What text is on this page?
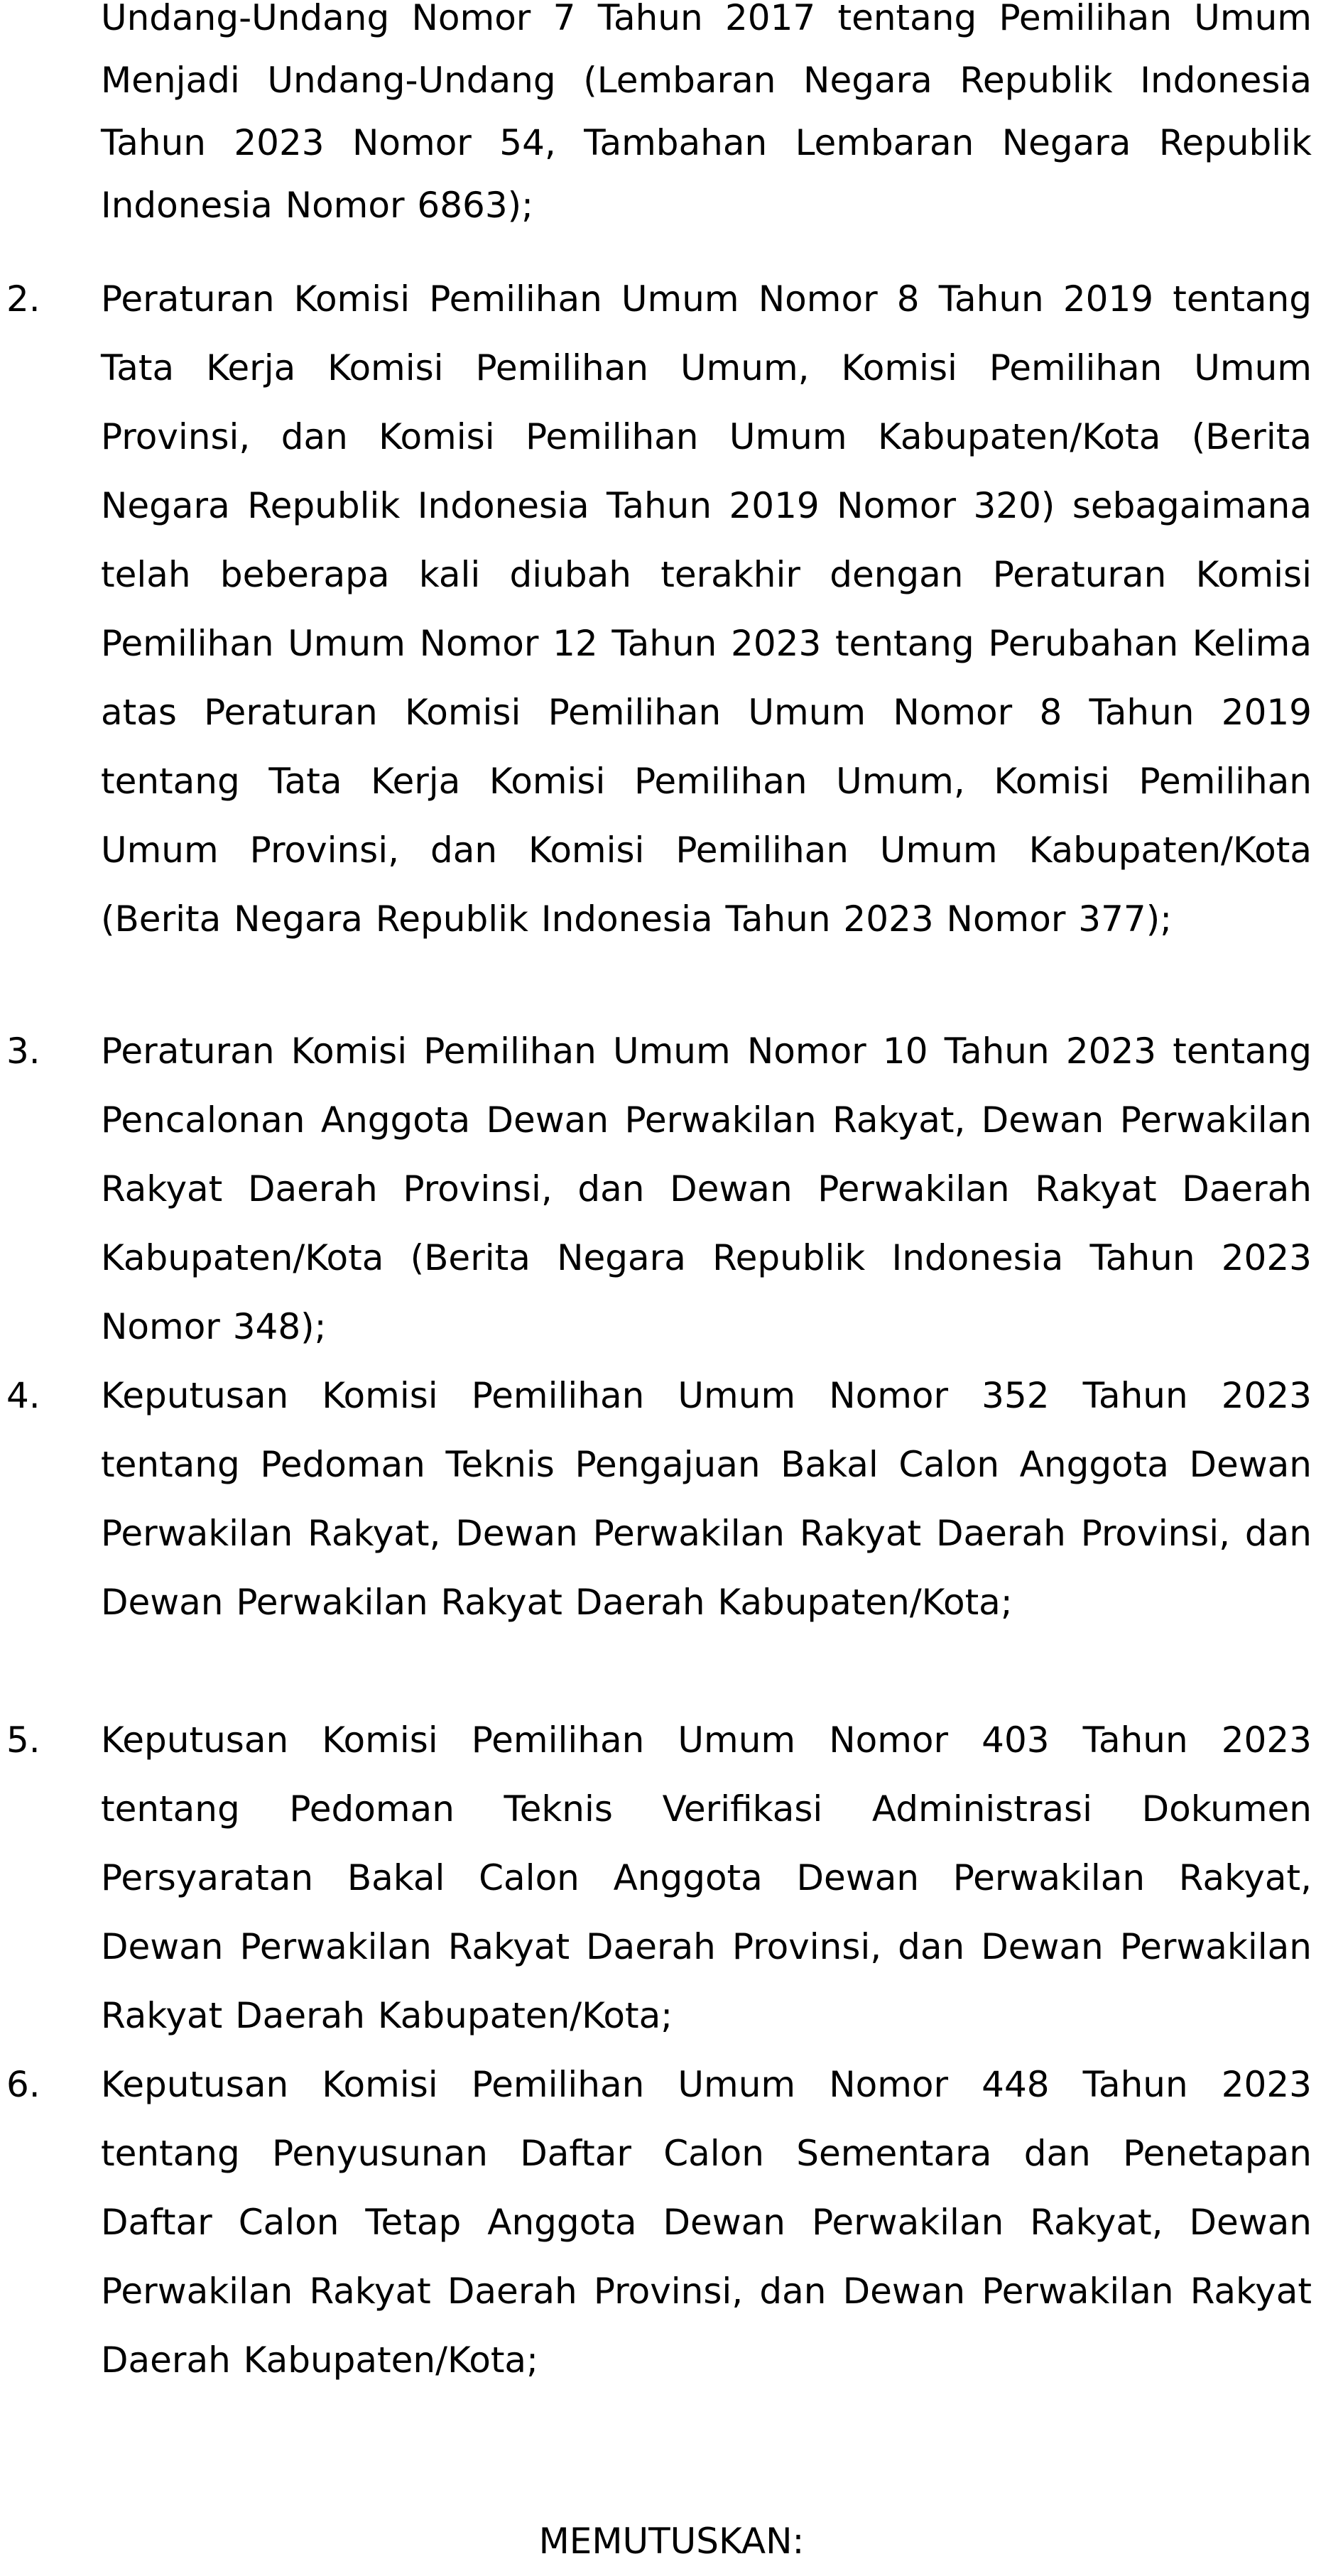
Undang-Undang Nomor 7 Tahun 2017 tentang Pemilihan Umum Menjadi Undang-Undang (Lembaran Negara Republik Indonesia Tahun 2023 Nomor 54, Tambahan Lembaran Negara Republik Indonesia Nomor 6863);
2. Peraturan Komisi Pemilihan Umum Nomor 8 Tahun 2019 tentang Tata Kerja Komisi Pemilihan Umum, Komisi Pemilihan Umum Provinsi, dan Komisi Pemilihan Umum Kabupaten/Kota (Berita Negara Republik Indonesia Tahun 2019 Nomor 320) sebagaimana telah beberapa kali diubah terakhir dengan Peraturan Komisi Pemilihan Umum Nomor 12 Tahun 2023 tentang Perubahan Kelima atas Peraturan Komisi Pemilihan Umum Nomor 8 Tahun 2019 tentang Tata Kerja Komisi Pemilihan Umum, Komisi Pemilihan Umum Provinsi, dan Komisi Pemilihan Umum Kabupaten/Kota (Berita Negara Republik Indonesia Tahun 2023 Nomor 377);
3. Peraturan Komisi Pemilihan Umum Nomor 10 Tahun 2023 tentang Pencalonan Anggota Dewan Perwakilan Rakyat, Dewan Perwakilan Rakyat Daerah Provinsi, dan Dewan Perwakilan Rakyat Daerah Kabupaten/Kota (Berita Negara Republik Indonesia Tahun 2023 Nomor 348);
4. Keputusan Komisi Pemilihan Umum Nomor 352 Tahun 2023 tentang Pedoman Teknis Pengajuan Bakal Calon Anggota Dewan Perwakilan Rakyat, Dewan Perwakilan Rakyat Daerah Provinsi, dan Dewan Perwakilan Rakyat Daerah Kabupaten/Kota;
5. Keputusan Komisi Pemilihan Umum Nomor 403 Tahun 2023 tentang Pedoman Teknis Verifikasi Administrasi Dokumen Persyaratan Bakal Calon Anggota Dewan Perwakilan Rakyat, Dewan Perwakilan Rakyat Daerah Provinsi, dan Dewan Perwakilan Rakyat Daerah Kabupaten/Kota;
6. Keputusan Komisi Pemilihan Umum Nomor 448 Tahun 2023 tentang Penyusunan Daftar Calon Sementara dan Penetapan Daftar Calon Tetap Anggota Dewan Perwakilan Rakyat, Dewan Perwakilan Rakyat Daerah Provinsi, dan Dewan Perwakilan Rakyat Daerah Kabupaten/Kota;
MEMUTUSKAN:
